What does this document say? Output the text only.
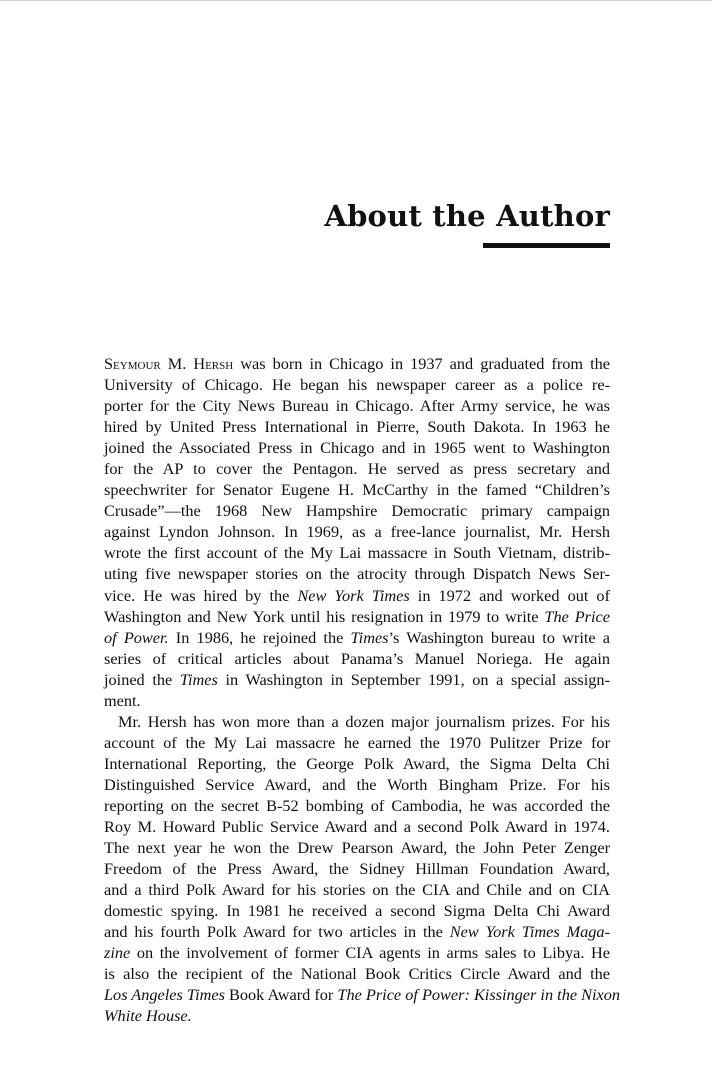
About the Author
Seymour M. Hersh was born in Chicago in 1937 and graduated from the
University of Chicago. He began his newspaper career as a police re-
porter for the City News Bureau in Chicago. After Army service, he was
hired by United Press International in Pierre, South Dakota. In 1963 he
joined the Associated Press in Chicago and in 1965 went to Washington
for the AP to cover the Pentagon. He served as press secretary and
speechwriter for Senator Eugene H. McCarthy in the famed “Children’s
Crusade”—the 1968 New Hampshire Democratic primary campaign
against Lyndon Johnson. In 1969, as a free-lance journalist, Mr. Hersh
wrote the first account of the My Lai massacre in South Vietnam, distrib-
uting five newspaper stories on the atrocity through Dispatch News Ser-
vice. He was hired by the New York Times in 1972 and worked out of
Washington and New York until his resignation in 1979 to write The Price
of Power. In 1986, he rejoined the Times’s Washington bureau to write a
series of critical articles about Panama’s Manuel Noriega. He again
joined the Times in Washington in September 1991, on a special assign-
ment.
Mr. Hersh has won more than a dozen major journalism prizes. For his
account of the My Lai massacre he earned the 1970 Pulitzer Prize for
International Reporting, the George Polk Award, the Sigma Delta Chi
Distinguished Service Award, and the Worth Bingham Prize. For his
reporting on the secret B-52 bombing of Cambodia, he was accorded the
Roy M. Howard Public Service Award and a second Polk Award in 1974.
The next year he won the Drew Pearson Award, the John Peter Zenger
Freedom of the Press Award, the Sidney Hillman Foundation Award,
and a third Polk Award for his stories on the CIA and Chile and on CIA
domestic spying. In 1981 he received a second Sigma Delta Chi Award
and his fourth Polk Award for two articles in the New York Times Maga-
zine on the involvement of former CIA agents in arms sales to Libya. He
is also the recipient of the National Book Critics Circle Award and the
Los Angeles Times Book Award for The Price of Power: Kissinger in the Nixon
White House.
